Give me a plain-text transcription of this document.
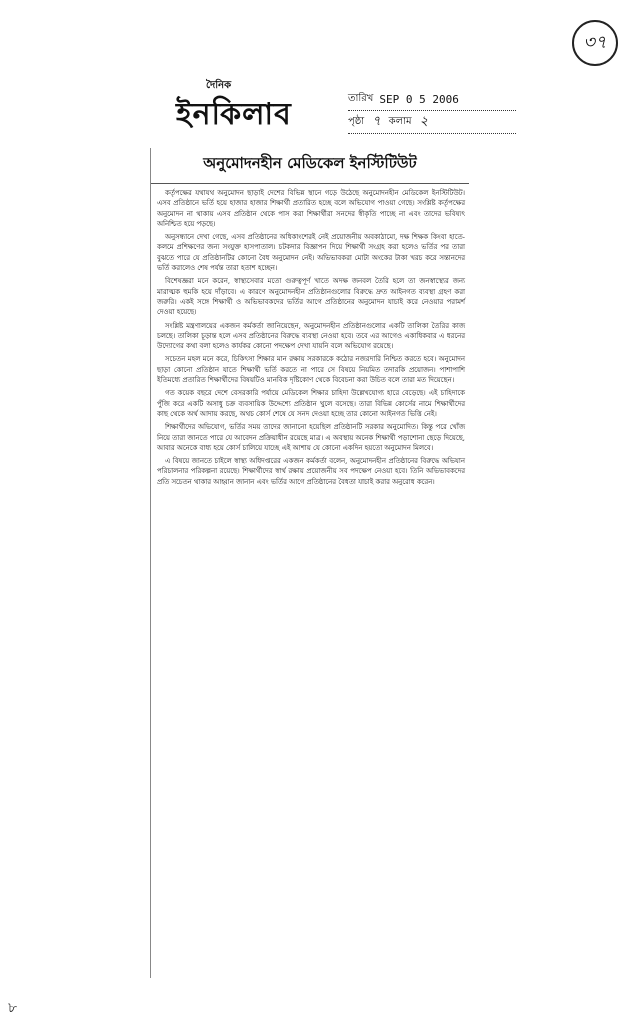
৩৭
দৈনিক
ইনকিলাব	তারিখ SEP 0 5 2006
পৃষ্ঠা ৭ কলাম ২
অনুমোদনহীন মেডিকেল ইনস্টিটিউট

কর্তৃপক্ষের যথাযথ অনুমোদন ছাড়াই দেশের বিভিন্ন স্থানে গড়ে উঠেছে অনুমোদনহীন মেডিকেল ইনস্টিটিউট। এসব প্রতিষ্ঠানে ভর্তি হয়ে হাজার হাজার শিক্ষার্থী প্রতারিত হচ্ছে বলে অভিযোগ পাওয়া গেছে। সংশ্লিষ্ট কর্তৃপক্ষের অনুমোদন না থাকায় এসব প্রতিষ্ঠান থেকে পাস করা শিক্ষার্থীরা সনদের স্বীকৃতি পাচ্ছে না এবং তাদের ভবিষ্যৎ অনিশ্চিত হয়ে পড়ছে।

অনুসন্ধানে দেখা গেছে, এসব প্রতিষ্ঠানের অধিকাংশেরই নেই প্রয়োজনীয় অবকাঠামো, দক্ষ শিক্ষক কিংবা হাতে-কলমে প্রশিক্ষণের জন্য সংযুক্ত হাসপাতাল। চটকদার বিজ্ঞাপন দিয়ে শিক্ষার্থী সংগ্রহ করা হলেও ভর্তির পর তারা বুঝতে পারে যে প্রতিষ্ঠানটির কোনো বৈধ অনুমোদন নেই। অভিভাবকরা মোটা অংকের টাকা খরচ করে সন্তানদের ভর্তি করালেও শেষ পর্যন্ত তারা হতাশ হচ্ছেন।

বিশেষজ্ঞরা মনে করেন, স্বাস্থ্যসেবার মতো গুরুত্বপূর্ণ খাতে অদক্ষ জনবল তৈরি হলে তা জনস্বাস্থ্যের জন্য মারাত্মক হুমকি হয়ে দাঁড়াবে। এ কারণে অনুমোদনহীন প্রতিষ্ঠানগুলোর বিরুদ্ধে দ্রুত আইনগত ব্যবস্থা গ্রহণ করা জরুরি। একই সঙ্গে শিক্ষার্থী ও অভিভাবকদের ভর্তির আগে প্রতিষ্ঠানের অনুমোদন যাচাই করে নেওয়ার পরামর্শ দেওয়া হয়েছে।

সংশ্লিষ্ট মন্ত্রণালয়ের একজন কর্মকর্তা জানিয়েছেন, অনুমোদনহীন প্রতিষ্ঠানগুলোর একটি তালিকা তৈরির কাজ চলছে। তালিকা চূড়ান্ত হলে এসব প্রতিষ্ঠানের বিরুদ্ধে ব্যবস্থা নেওয়া হবে। তবে এর আগেও একাধিকবার এ ধরনের উদ্যোগের কথা বলা হলেও কার্যকর কোনো পদক্ষেপ দেখা যায়নি বলে অভিযোগ রয়েছে।

সচেতন মহল মনে করে, চিকিৎসা শিক্ষার মান রক্ষায় সরকারকে কঠোর নজরদারি নিশ্চিত করতে হবে। অনুমোদন ছাড়া কোনো প্রতিষ্ঠান যাতে শিক্ষার্থী ভর্তি করতে না পারে সে বিষয়ে নিয়মিত তদারকি প্রয়োজন। পাশাপাশি ইতিমধ্যে প্রতারিত শিক্ষার্থীদের বিষয়টিও মানবিক দৃষ্টিকোণ থেকে বিবেচনা করা উচিত বলে তারা মত দিয়েছেন।

গত কয়েক বছরে দেশে বেসরকারি পর্যায়ে মেডিকেল শিক্ষার চাহিদা উল্লেখযোগ্য হারে বেড়েছে। এই চাহিদাকে পুঁজি করে একটি অসাধু চক্র ব্যবসায়িক উদ্দেশ্যে প্রতিষ্ঠান খুলে বসেছে। তারা বিভিন্ন কোর্সের নামে শিক্ষার্থীদের কাছ থেকে অর্থ আদায় করছে, অথচ কোর্স শেষে যে সনদ দেওয়া হচ্ছে তার কোনো আইনগত ভিত্তি নেই।

শিক্ষার্থীদের অভিযোগ, ভর্তির সময় তাদের জানানো হয়েছিল প্রতিষ্ঠানটি সরকার অনুমোদিত। কিন্তু পরে খোঁজ নিয়ে তারা জানতে পারে যে আবেদন প্রক্রিয়াধীন রয়েছে মাত্র। এ অবস্থায় অনেক শিক্ষার্থী পড়াশোনা ছেড়ে দিয়েছে, আবার অনেকে বাধ্য হয়ে কোর্স চালিয়ে যাচ্ছে এই আশায় যে কোনো একদিন হয়তো অনুমোদন মিলবে।

এ বিষয়ে জানতে চাইলে স্বাস্থ্য অধিদপ্তরের একজন কর্মকর্তা বলেন, অনুমোদনহীন প্রতিষ্ঠানের বিরুদ্ধে অভিযান পরিচালনার পরিকল্পনা রয়েছে। শিক্ষার্থীদের স্বার্থ রক্ষায় প্রয়োজনীয় সব পদক্ষেপ নেওয়া হবে। তিনি অভিভাবকদের প্রতি সচেতন থাকার আহ্বান জানান এবং ভর্তির আগে প্রতিষ্ঠানের বৈধতা যাচাই করার অনুরোধ করেন।

৮
